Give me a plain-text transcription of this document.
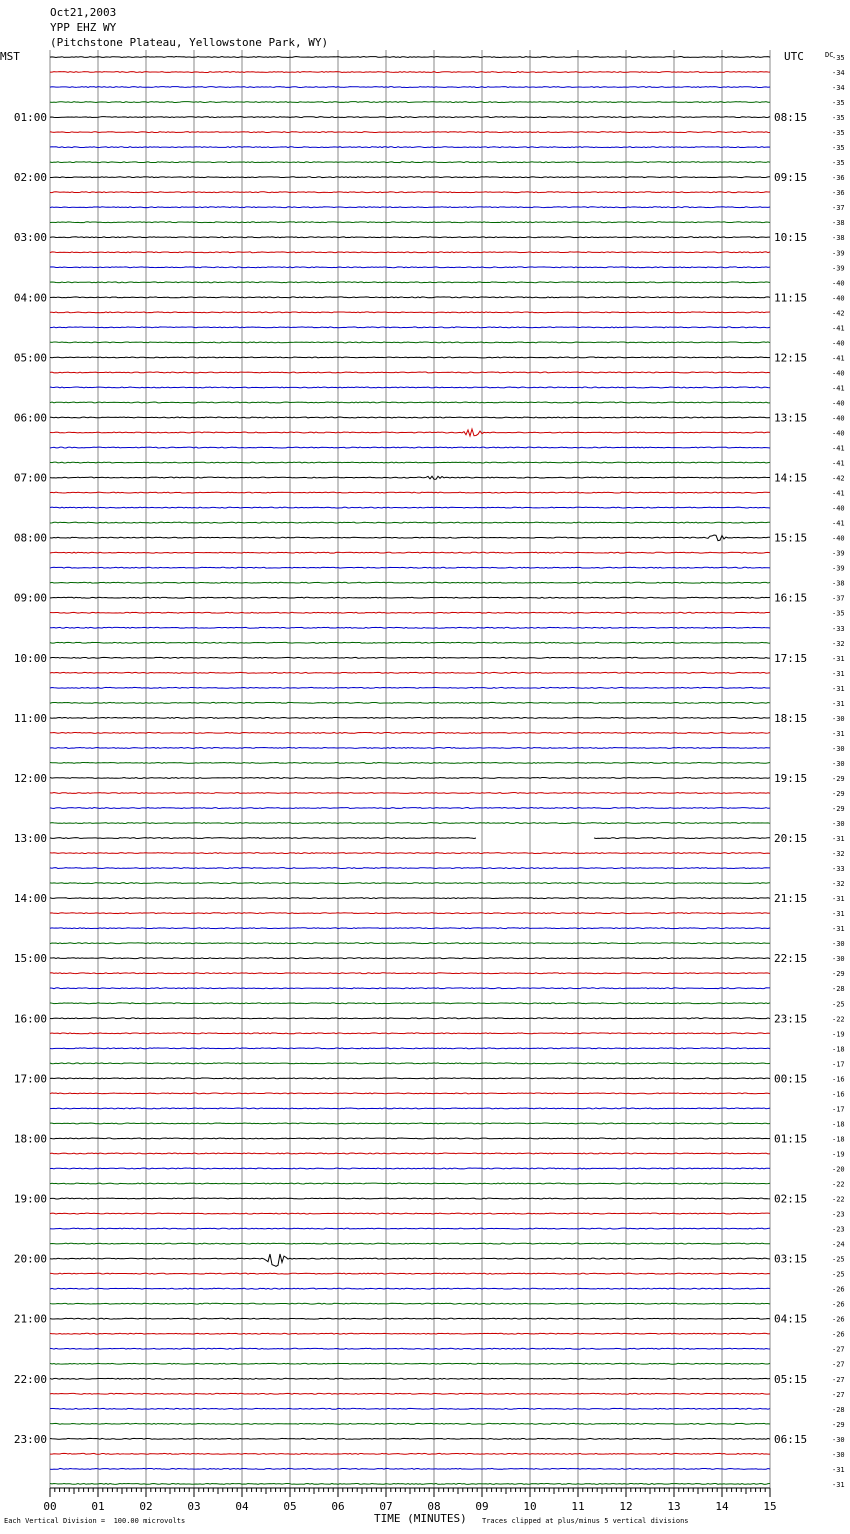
Oct21,2003
YPP EHZ WY
(Pitchstone Plateau, Yellowstone Park, WY)
MST	UTC	DC
01:00
02:00
03:00
04:00
05:00
06:00
07:00
08:00
09:00
10:00
11:00
12:00
13:00
14:00
15:00
16:00
17:00
18:00
19:00
20:00
21:00
22:00
23:00
08:15
09:15
10:15
11:15
12:15
13:15
14:15
15:15
16:15
17:15
18:15
19:15
20:15
21:15
22:15
23:15
00:15
01:15
02:15
03:15
04:15
05:15
06:15
-35
-34
-34
-35
-35
-35
-35
-35
-36
-36
-37
-38
-38
-39
-39
-40
-40
-42
-41
-40
-41
-40
-41
-40
-40
-40
-41
-41
-42
-41
-40
-41
-40
-39
-39
-38
-37
-35
-33
-32
-31
-31
-31
-31
-30
-31
-30
-30
-29
-29
-29
-30
-31
-32
-33
-32
-31
-31
-31
-30
-30
-29
-28
-25
-22
-19
-18
-17
-16
-16
-17
-18
-18
-19
-20
-22
-22
-23
-23
-24
-25
-25
-26
-26
-26
-26
-27
-27
-27
-27
-28
-29
-30
-30
-31
-31
00	01	02	03	04	05	06	07	08	09	10	11	12	13	14	15
Each Vertical Division =  100.00 microvolts	TIME (MINUTES) Traces clipped at plus/minus 5 vertical divisions
